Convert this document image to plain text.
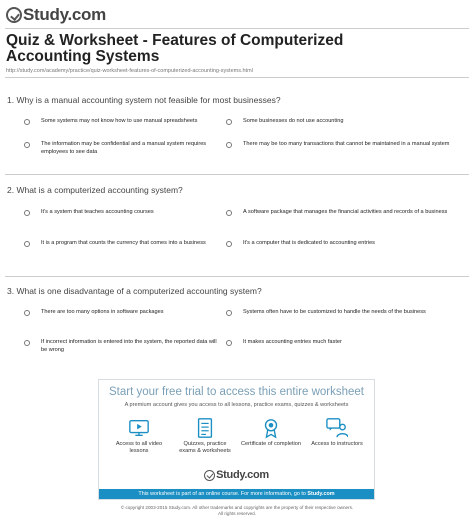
Study.com
Quiz & Worksheet - Features of Computerized Accounting Systems
http://study.com/academy/practice/quiz-worksheet-features-of-computerized-accounting-systems.html
1. Why is a manual accounting system not feasible for most businesses?
Some systems may not know how to use manual spreadsheets	Some businesses do not use accounting
The information may be confidential and a manual system requires employees to see data
There may be too many transactions that cannot be maintained in a manual system
2. What is a computerized accounting system?
It's a system that teaches accounting courses	A software package that manages the financial activities and records of a business
It is a program that counts the currency that comes into a business	It's a computer that is dedicated to accounting entries
3. What is one disadvantage of a computerized accounting system?
There are too many options in software packages	Systems often have to be customized to handle the needs of the business
If incorrect information is entered into the system, the reported data will be wrong
It makes accounting entries much faster
Start your free trial to access this entire worksheet
A premium account gives you access to all lessons, practice exams, quizzes & worksheets
Access to all video lessons
Quizzes, practice exams & worksheets
Certificate of completion	Access to instructors
Study.com
This worksheet is part of an online course. For more information, go to
Study.com
© copyright 2003-2015 Study.com. All other trademarks and copyrights are the property of their respective owners.
All rights reserved.
